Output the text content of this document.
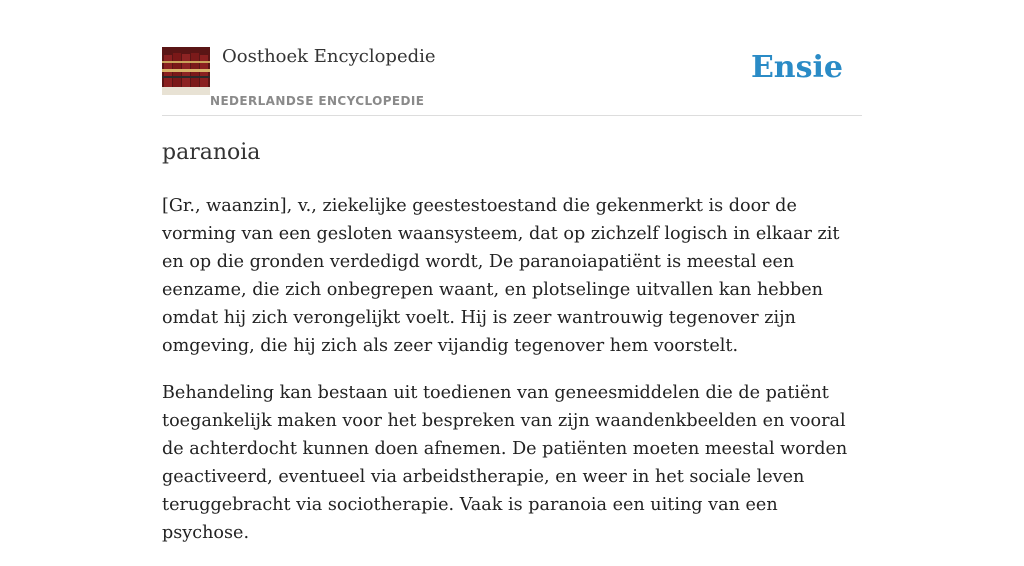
Oosthoek Encyclopedie
NEDERLANDSE ENCYCLOPEDIE
Ensie
paranoia

[Gr., waanzin], v., ziekelijke geestestoestand die gekenmerkt is door de vorming van een gesloten waansysteem, dat op zichzelf logisch in elkaar zit en op die gronden verdedigd wordt, De paranoiapatiënt is meestal een eenzame, die zich onbegrepen waant, en plotselinge uitvallen kan hebben omdat hij zich verongelijkt voelt. Hij is zeer wantrouwig tegenover zijn omgeving, die hij zich als zeer vijandig tegenover hem voorstelt.

Behandeling kan bestaan uit toedienen van geneesmiddelen die de patiënt toegankelijk maken voor het bespreken van zijn waandenkbeelden en vooral de achterdocht kunnen doen afnemen. De patiënten moeten meestal worden geactiveerd, eventueel via arbeidstherapie, en weer in het sociale leven teruggebracht via sociotherapie. Vaak is paranoia een uiting van een psychose.
